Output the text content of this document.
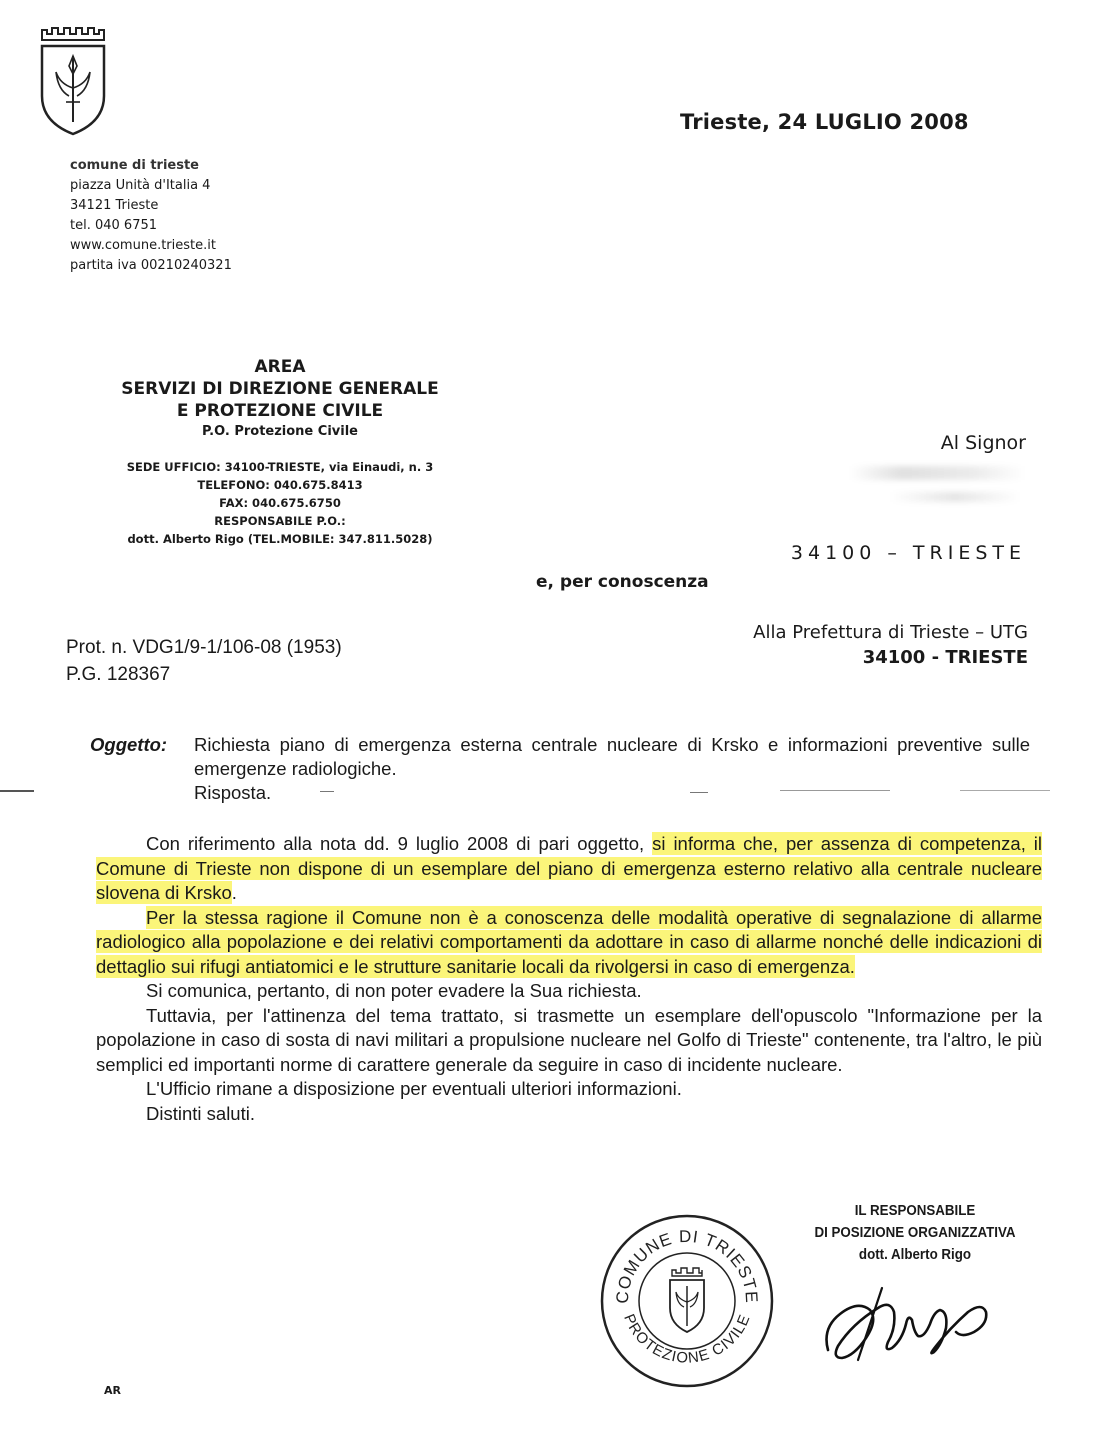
Trieste, 24 LUGLIO 2008
comune di trieste
piazza Unità d'Italia 4
34121 Trieste
tel. 040 6751
www.comune.trieste.it
partita iva 00210240321
AREA
SERVIZI DI DIREZIONE GENERALE
E PROTEZIONE CIVILE
P.O. Protezione Civile
SEDE UFFICIO: 34100-TRIESTE, via Einaudi, n. 3
TELEFONO: 040.675.8413
FAX: 040.675.6750
RESPONSABILE P.O.:
dott. Alberto Rigo (TEL.MOBILE: 347.811.5028)
Al Signor
34100 – TRIESTE
e, per conoscenza
Prot. n. VDG1/9-1/106-08 (1953)
P.G. 128367
Alla Prefettura di Trieste – UTG
34100 - TRIESTE
Oggetto: Richiesta piano di emergenza esterna centrale nucleare di Krsko e informazioni preventive sulle emergenze radiologiche.
Risposta.

Con riferimento alla nota dd. 9 luglio 2008 di pari oggetto, si informa che, per assenza di competenza, il Comune di Trieste non dispone di un esemplare del piano di emergenza esterno relativo alla centrale nucleare slovena di Krsko.

Per la stessa ragione il Comune non è a conoscenza delle modalità operative di segnalazione di allarme radiologico alla popolazione e dei relativi comportamenti da adottare in caso di allarme nonché delle indicazioni di dettaglio sui rifugi antiatomici e le strutture sanitarie locali da rivolgersi in caso di emergenza.

Si comunica, pertanto, di non poter evadere la Sua richiesta.

Tuttavia, per l'attinenza del tema trattato, si trasmette un esemplare dell'opuscolo "Informazione per la popolazione in caso di sosta di navi militari a propulsione nucleare nel Golfo di Trieste" contenente, tra l'altro, le più semplici ed importanti norme di carattere generale da seguire in caso di incidente nucleare.

L'Ufficio rimane a disposizione per eventuali ulteriori informazioni.

Distinti saluti.

IL RESPONSABILE
DI POSIZIONE ORGANIZZATIVA
dott. Alberto Rigo
COMUNE DI TRIESTE
PROTEZIONE CIVILE
AR
